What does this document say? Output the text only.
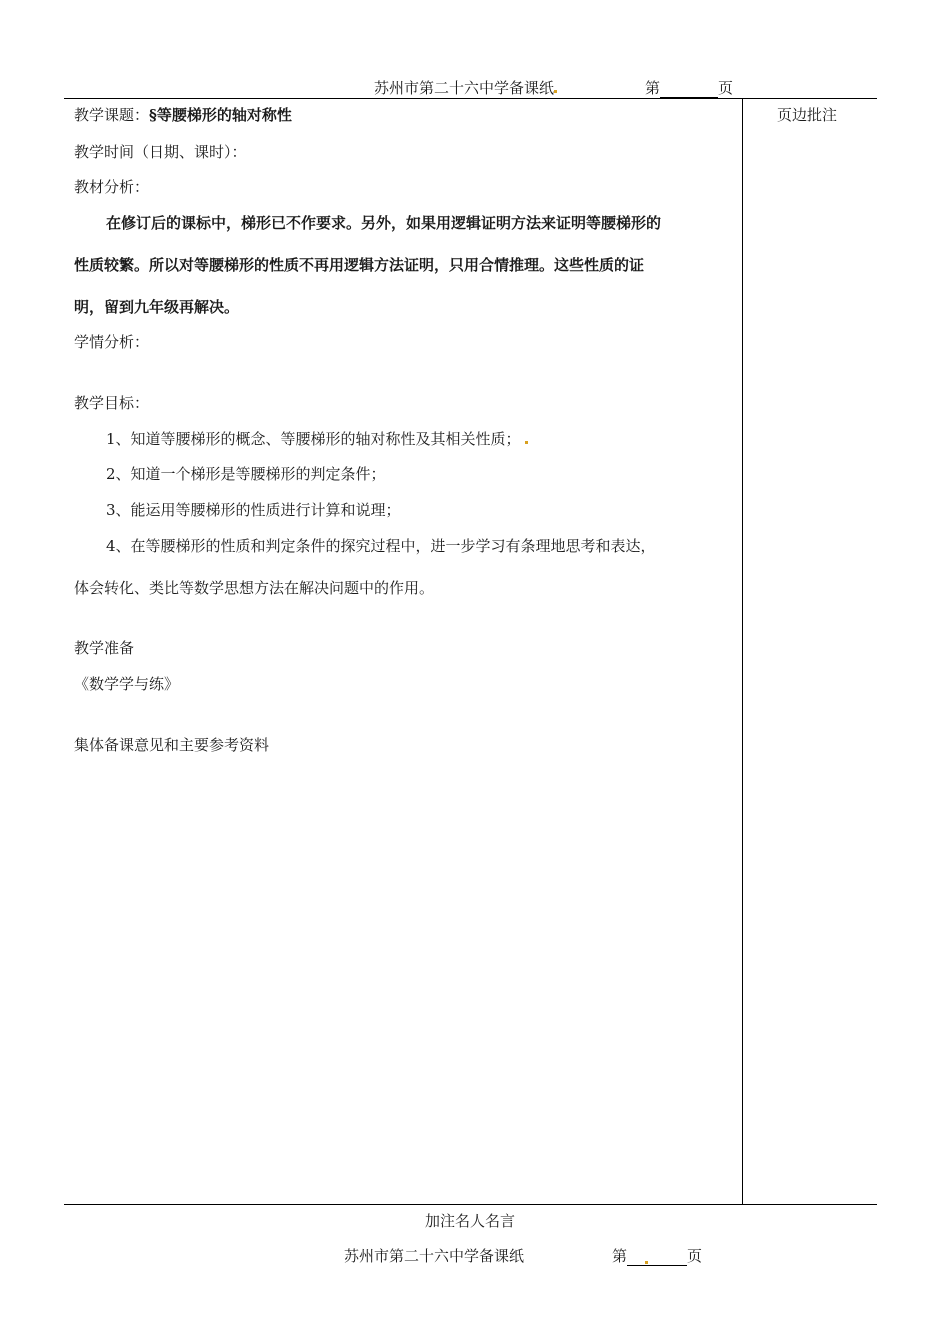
苏州市第二十六中学备课纸	第	页
页边批注
教学课题：§等腰梯形的轴对称性
教学时间（日期、课时）：
教材分析：
在修订后的课标中，梯形已不作要求。另外，如果用逻辑证明方法来证明等腰梯形的
性质较繁。所以对等腰梯形的性质不再用逻辑方法证明，只用合情推理。这些性质的证
明，留到九年级再解决。
学情分析：
教学目标：
1、知道等腰梯形的概念、等腰梯形的轴对称性及其相关性质；
2、知道一个梯形是等腰梯形的判定条件；
3、能运用等腰梯形的性质进行计算和说理；
4、在等腰梯形的性质和判定条件的探究过程中，进一步学习有条理地思考和表达，
体会转化、类比等数学思想方法在解决问题中的作用。
教学准备
《数学学与练》
集体备课意见和主要参考资料
加注名人名言
苏州市第二十六中学备课纸	第	页
